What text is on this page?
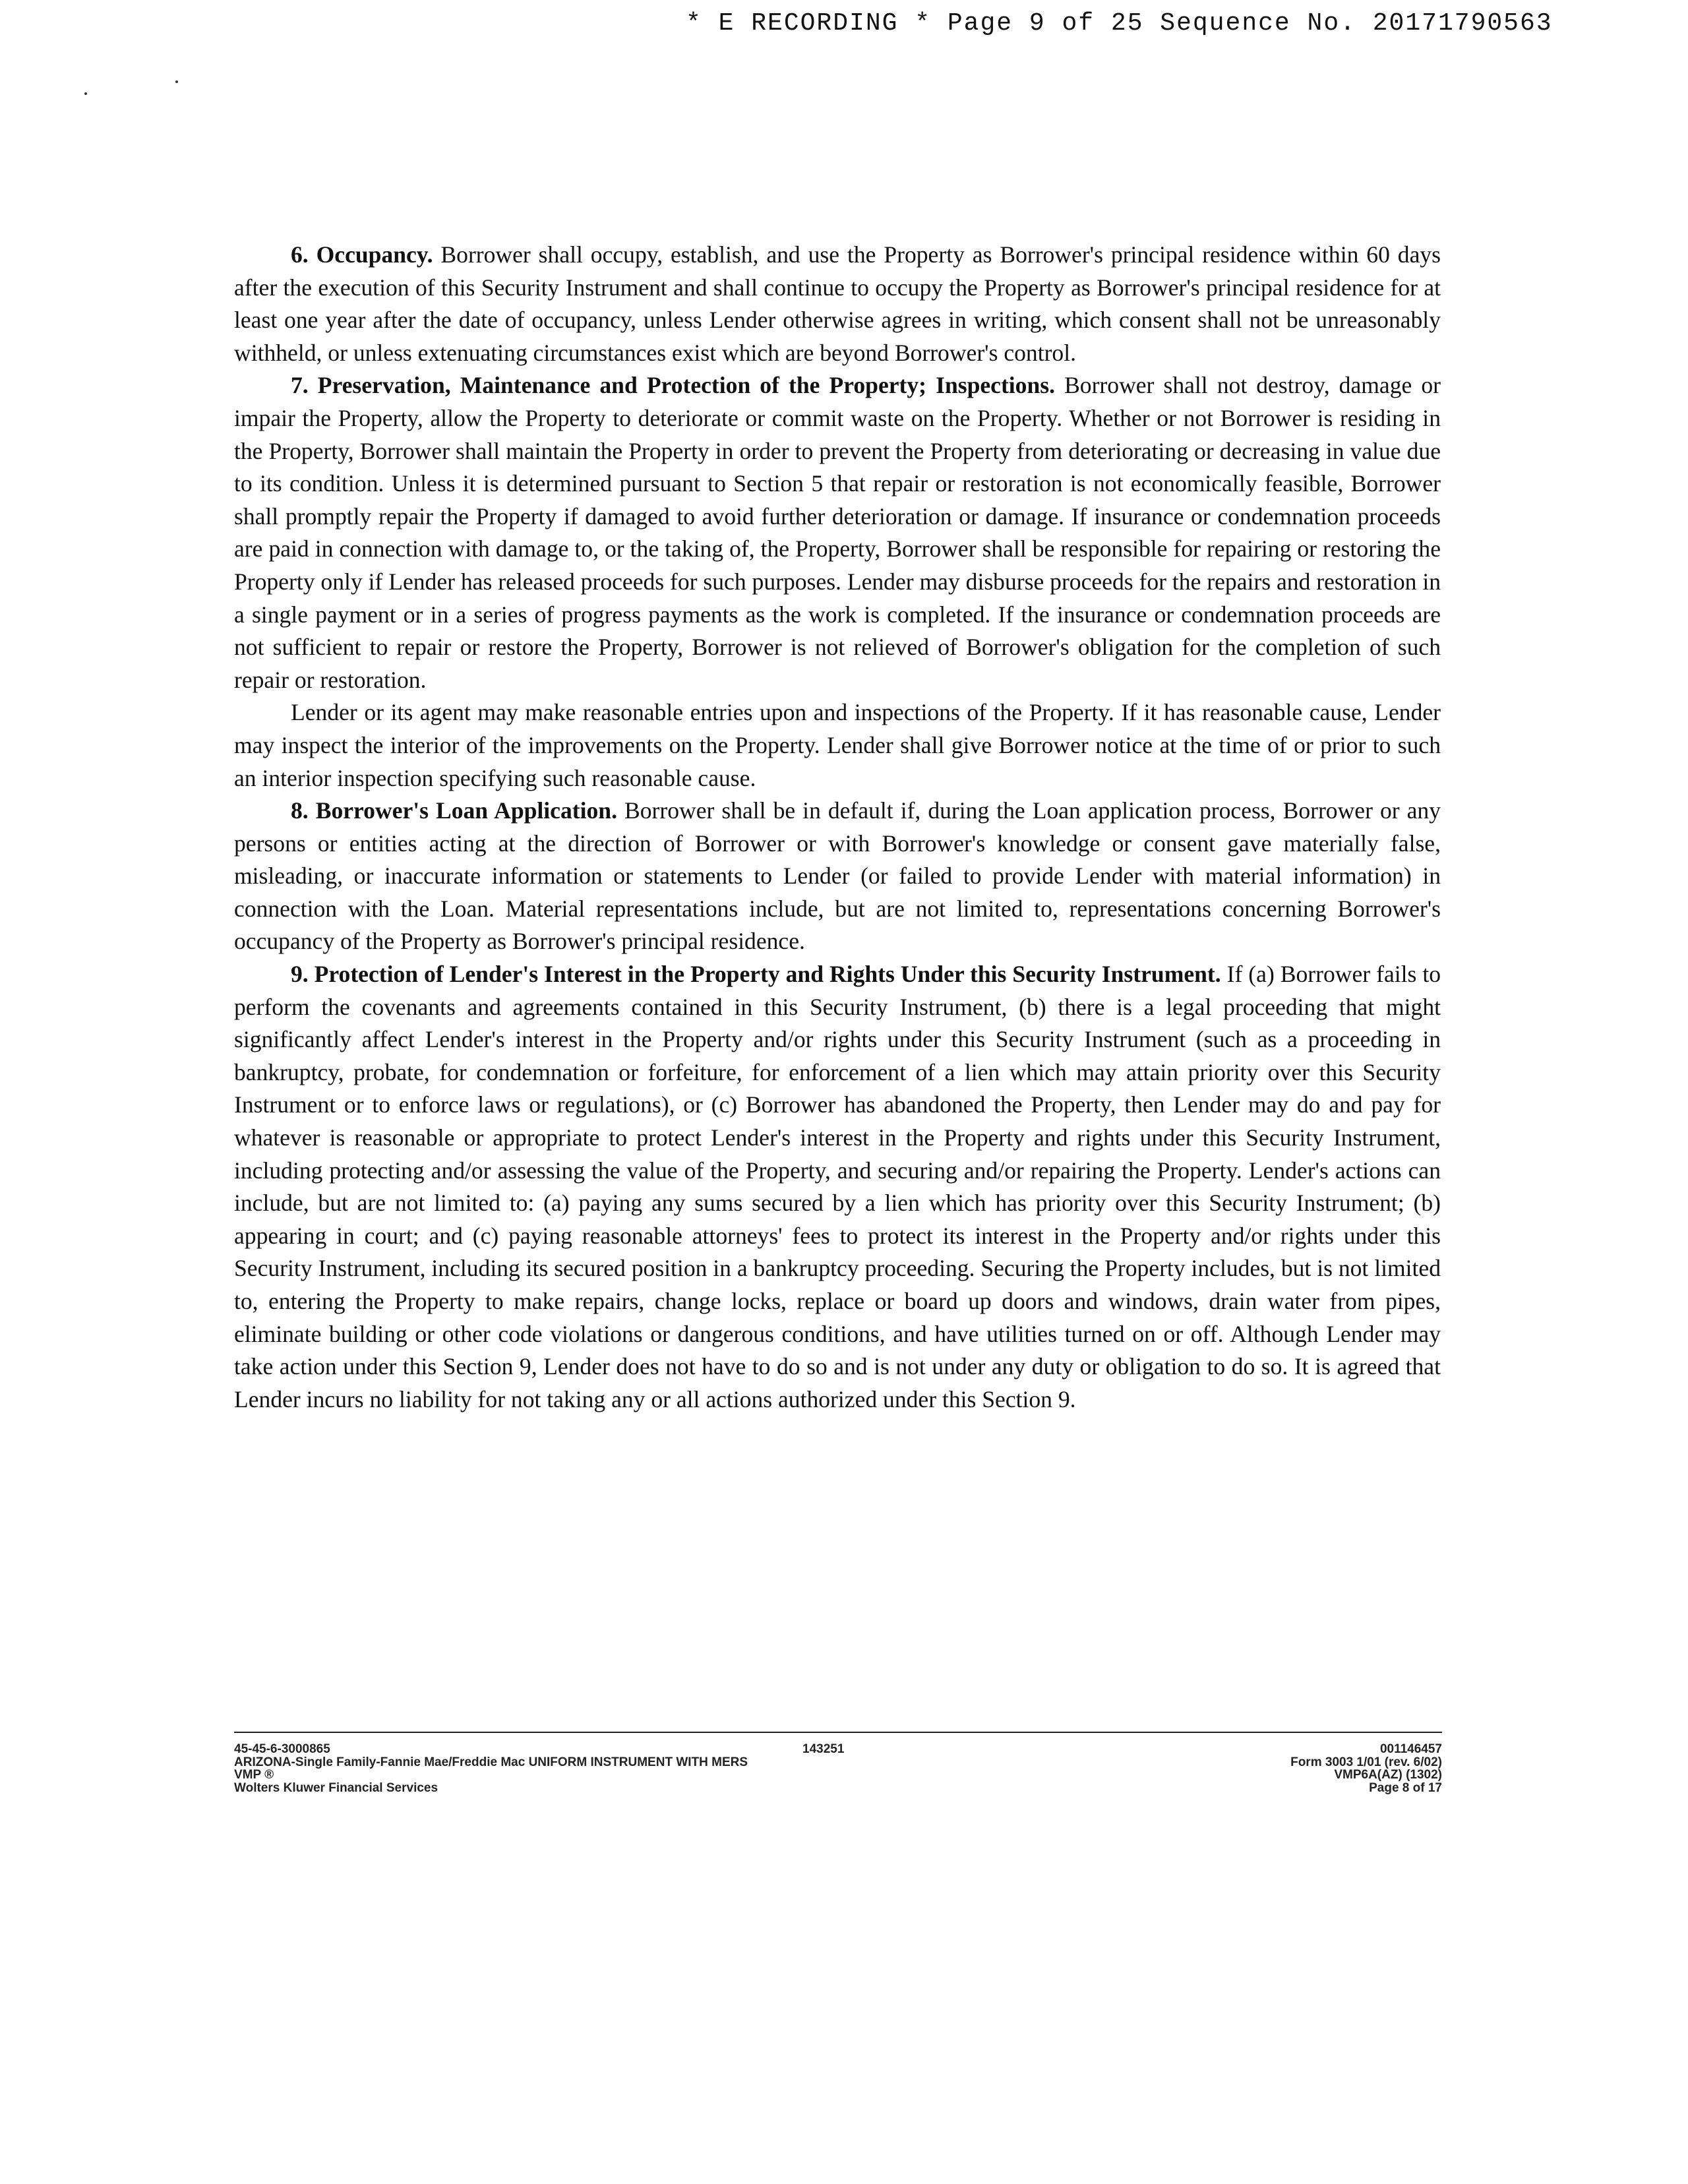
* E RECORDING * Page 9 of 25 Sequence No. 20171790563

6. Occupancy. Borrower shall occupy, establish, and use the Property as Borrower's principal residence within 60 days after the execution of this Security Instrument and shall continue to occupy the Property as Borrower's principal residence for at least one year after the date of occupancy, unless Lender otherwise agrees in writing, which consent shall not be unreasonably withheld, or unless extenuating circumstances exist which are beyond Borrower's control.

7. Preservation, Maintenance and Protection of the Property; Inspections. Borrower shall not destroy, damage or impair the Property, allow the Property to deteriorate or commit waste on the Property. Whether or not Borrower is residing in the Property, Borrower shall maintain the Property in order to prevent the Property from deteriorating or decreasing in value due to its condition. Unless it is determined pursuant to Section 5 that repair or restoration is not economically feasible, Borrower shall promptly repair the Property if damaged to avoid further deterioration or damage. If insurance or condemnation proceeds are paid in connection with damage to, or the taking of, the Property, Borrower shall be responsible for repairing or restoring the Property only if Lender has released proceeds for such purposes. Lender may disburse proceeds for the repairs and restoration in a single payment or in a series of progress payments as the work is completed. If the insurance or condemnation proceeds are not sufficient to repair or restore the Property, Borrower is not relieved of Borrower's obligation for the completion of such repair or restoration.

Lender or its agent may make reasonable entries upon and inspections of the Property. If it has reasonable cause, Lender may inspect the interior of the improvements on the Property. Lender shall give Borrower notice at the time of or prior to such an interior inspection specifying such reasonable cause.

8. Borrower's Loan Application. Borrower shall be in default if, during the Loan application process, Borrower or any persons or entities acting at the direction of Borrower or with Borrower's knowledge or consent gave materially false, misleading, or inaccurate information or statements to Lender (or failed to provide Lender with material information) in connection with the Loan. Material representations include, but are not limited to, representations concerning Borrower's occupancy of the Property as Borrower's principal residence.

9. Protection of Lender's Interest in the Property and Rights Under this Security Instrument. If (a) Borrower fails to perform the covenants and agreements contained in this Security Instrument, (b) there is a legal proceeding that might significantly affect Lender's interest in the Property and/or rights under this Security Instrument (such as a proceeding in bankruptcy, probate, for condemnation or forfeiture, for enforcement of a lien which may attain priority over this Security Instrument or to enforce laws or regulations), or (c) Borrower has abandoned the Property, then Lender may do and pay for whatever is reasonable or appropriate to protect Lender's interest in the Property and rights under this Security Instrument, including protecting and/or assessing the value of the Property, and securing and/or repairing the Property. Lender's actions can include, but are not limited to: (a) paying any sums secured by a lien which has priority over this Security Instrument; (b) appearing in court; and (c) paying reasonable attorneys' fees to protect its interest in the Property and/or rights under this Security Instrument, including its secured position in a bankruptcy proceeding. Securing the Property includes, but is not limited to, entering the Property to make repairs, change locks, replace or board up doors and windows, drain water from pipes, eliminate building or other code violations or dangerous conditions, and have utilities turned on or off. Although Lender may take action under this Section 9, Lender does not have to do so and is not under any duty or obligation to do so. It is agreed that Lender incurs no liability for not taking any or all actions authorized under this Section 9.

45-45-6-3000865
ARIZONA-Single Family-Fannie Mae/Freddie Mac UNIFORM INSTRUMENT WITH MERS
VMP ®
Wolters Kluwer Financial Services
143251	001146457
Form 3003 1/01 (rev. 6/02)
VMP6A(AZ) (1302)
Page 8 of 17
